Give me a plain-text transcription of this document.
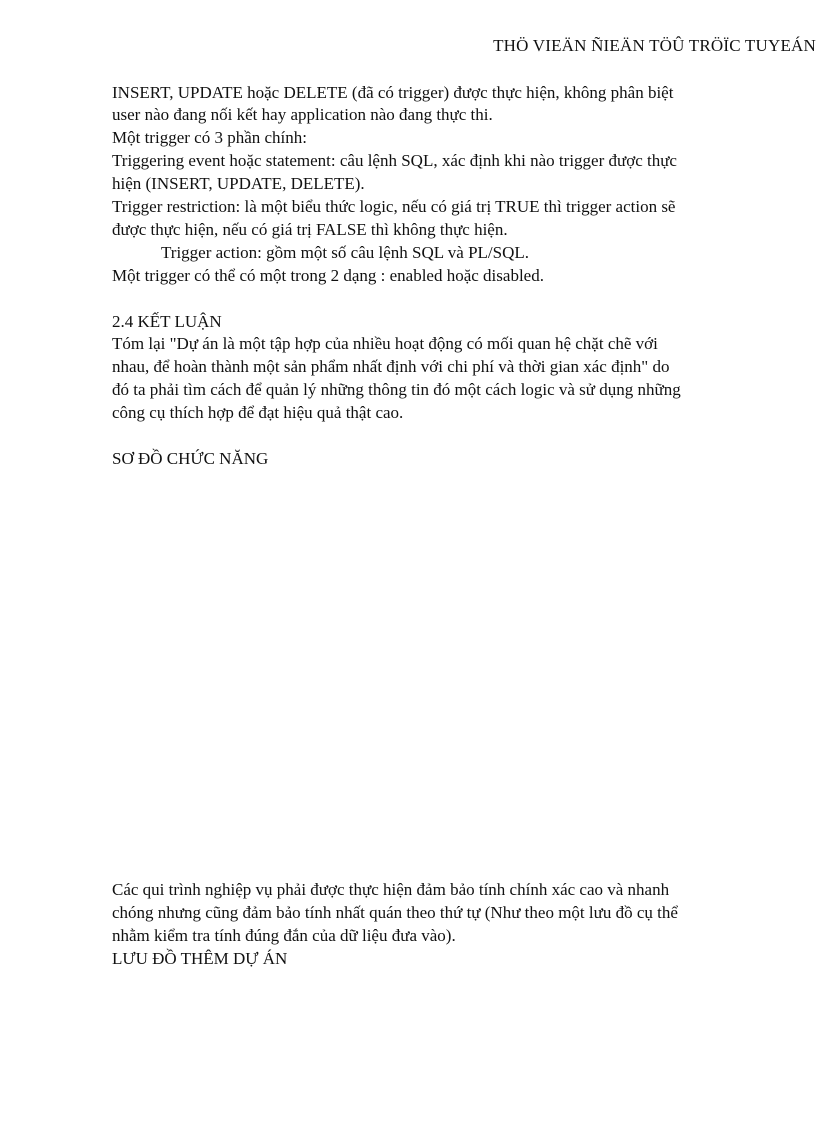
THÖ VIEÄN ÑIEÄN TÖÛ TRÖÏC TUYEÁN
INSERT, UPDATE hoặc DELETE (đã có trigger) được thực hiện, không phân biệt
user nào đang nối kết hay application nào đang thực thi.
Một trigger có 3 phần chính:
Triggering event hoặc statement: câu lệnh SQL, xác định khi nào trigger được thực
hiện (INSERT, UPDATE, DELETE).
Trigger restriction: là một biểu thức logic, nếu có giá trị TRUE thì trigger action sẽ
được thực hiện, nếu có giá trị FALSE thì không thực hiện.
Trigger action: gồm một số câu lệnh SQL và PL/SQL.
Một trigger có thể có một trong 2 dạng : enabled hoặc disabled.
2.4 KẾT LUẬN
Tóm lại "Dự án là một tập hợp của nhiều hoạt động có mối quan hệ chặt chẽ với
nhau, để hoàn thành một sản phẩm nhất định với chi phí và thời gian xác định" do
đó ta phải tìm cách để quản lý những thông tin đó một cách logic và sử dụng những
công cụ thích hợp để đạt hiệu quả thật cao.
SƠ ĐỒ CHỨC NĂNG
Các qui trình nghiệp vụ phải được thực hiện đảm bảo tính chính xác cao và nhanh
chóng nhưng cũng đảm bảo tính nhất quán theo thứ tự (Như theo một lưu đồ cụ thể
nhằm kiểm tra tính đúng đắn của dữ liệu đưa vào).
LƯU ĐỒ THÊM DỰ ÁN
